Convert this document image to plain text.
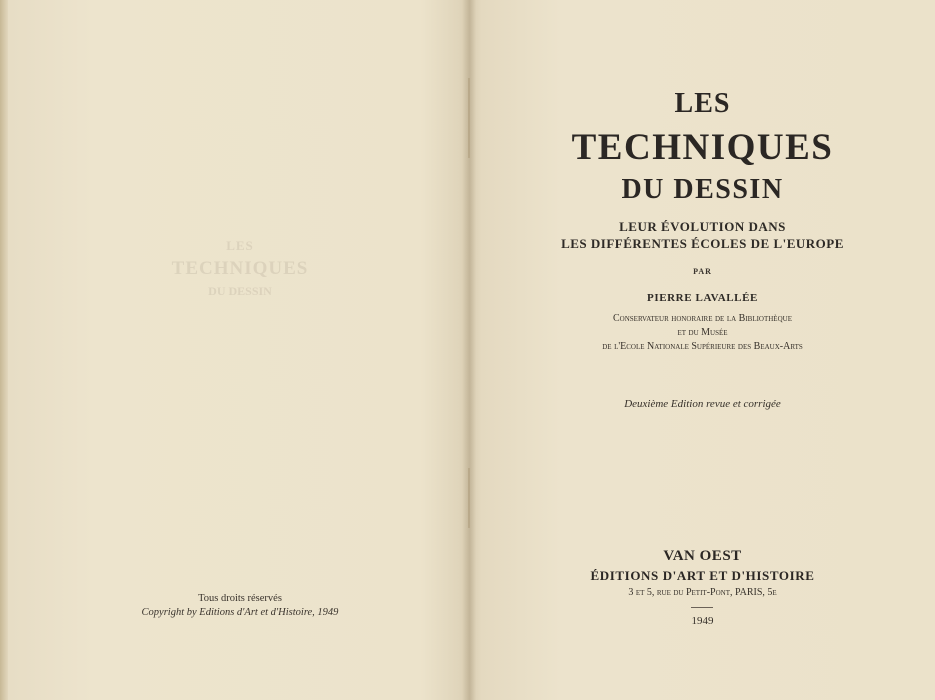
LES
TECHNIQUES
DU DESSIN
Tous droits réservés
Copyright by Editions d'Art et d'Histoire, 1949
LES
TECHNIQUES
DU DESSIN
LEUR ÉVOLUTION DANS
LES DIFFÉRENTES ÉCOLES DE L'EUROPE
PAR
PIERRE LAVALLÉE
Conservateur honoraire de la Bibliothèque
et du Musée
de l'Ecole Nationale Supérieure des Beaux-Arts
Deuxième Edition revue et corrigée
VAN OEST
ÉDITIONS D'ART ET D'HISTOIRE
3 et 5, rue du Petit-Pont, PARIS, 5e
1949
